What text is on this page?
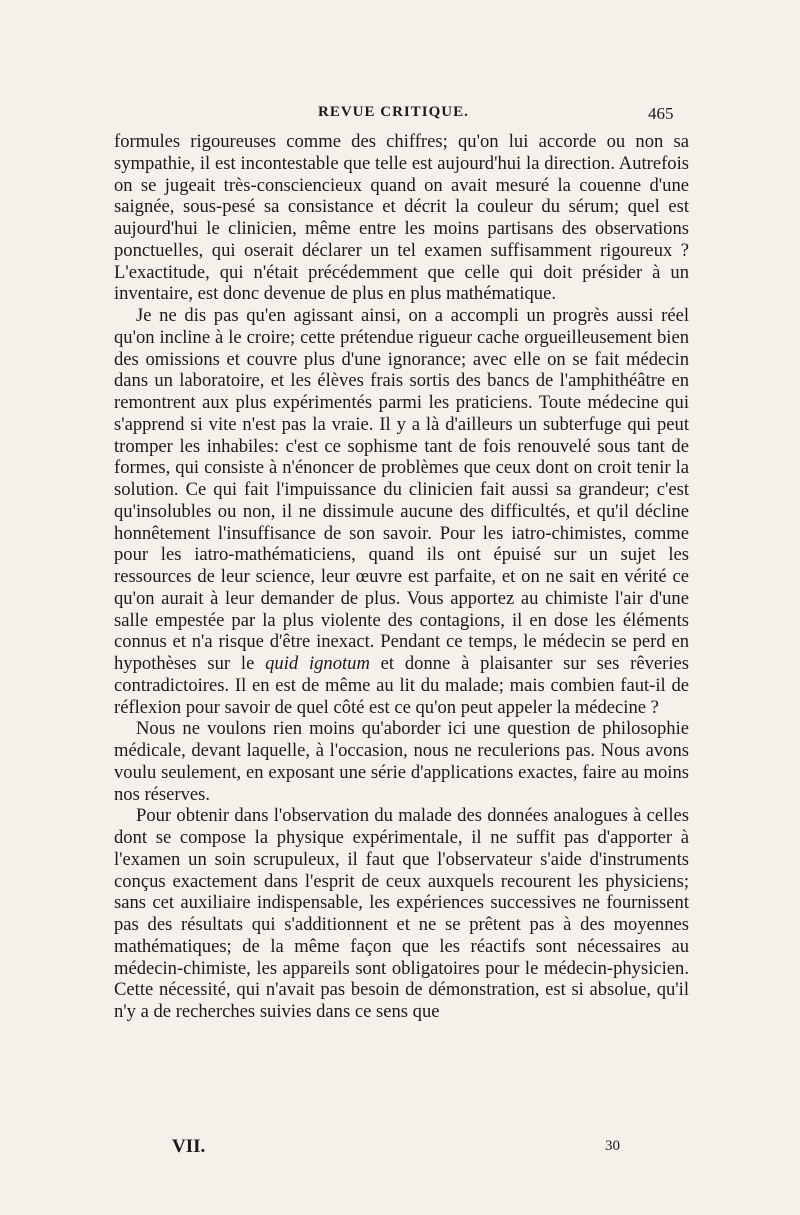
REVUE CRITIQUE.	465

formules rigoureuses comme des chiffres; qu'on lui accorde ou non sa sympathie, il est incontestable que telle est aujourd'hui la direction. Autrefois on se jugeait très-consciencieux quand on avait mesuré la couenne d'une saignée, sous-pesé sa consistance et décrit la couleur du sérum; quel est aujourd'hui le clinicien, même entre les moins partisans des observations ponctuelles, qui oserait déclarer un tel examen suffisamment rigoureux ? L'exactitude, qui n'était précédemment que celle qui doit présider à un inventaire, est donc devenue de plus en plus mathématique.

Je ne dis pas qu'en agissant ainsi, on a accompli un progrès aussi réel qu'on incline à le croire; cette prétendue rigueur cache orgueilleusement bien des omissions et couvre plus d'une ignorance; avec elle on se fait médecin dans un laboratoire, et les élèves frais sortis des bancs de l'amphithéâtre en remontrent aux plus expérimentés parmi les praticiens. Toute médecine qui s'apprend si vite n'est pas la vraie. Il y a là d'ailleurs un subterfuge qui peut tromper les inhabiles: c'est ce sophisme tant de fois renouvelé sous tant de formes, qui consiste à n'énoncer de problèmes que ceux dont on croit tenir la solution. Ce qui fait l'impuissance du clinicien fait aussi sa grandeur; c'est qu'insolubles ou non, il ne dissimule aucune des difficultés, et qu'il décline honnêtement l'insuffisance de son savoir. Pour les iatro-chimistes, comme pour les iatro-mathématiciens, quand ils ont épuisé sur un sujet les ressources de leur science, leur œuvre est parfaite, et on ne sait en vérité ce qu'on aurait à leur demander de plus. Vous apportez au chimiste l'air d'une salle empestée par la plus violente des contagions, il en dose les éléments connus et n'a risque d'être inexact. Pendant ce temps, le médecin se perd en hypothèses sur le quid ignotum et donne à plaisanter sur ses rêveries contradictoires. Il en est de même au lit du malade; mais combien faut-il de réflexion pour savoir de quel côté est ce qu'on peut appeler la médecine ?

Nous ne voulons rien moins qu'aborder ici une question de philosophie médicale, devant laquelle, à l'occasion, nous ne reculerions pas. Nous avons voulu seulement, en exposant une série d'applications exactes, faire au moins nos réserves.

Pour obtenir dans l'observation du malade des données analogues à celles dont se compose la physique expérimentale, il ne suffit pas d'apporter à l'examen un soin scrupuleux, il faut que l'observateur s'aide d'instruments conçus exactement dans l'esprit de ceux auxquels recourent les physiciens; sans cet auxiliaire indispensable, les expériences successives ne fournissent pas des résultats qui s'additionnent et ne se prêtent pas à des moyennes mathématiques; de la même façon que les réactifs sont nécessaires au médecin-chimiste, les appareils sont obligatoires pour le médecin-physicien. Cette nécessité, qui n'avait pas besoin de démonstration, est si absolue, qu'il n'y a de recherches suivies dans ce sens que

VII.	30
